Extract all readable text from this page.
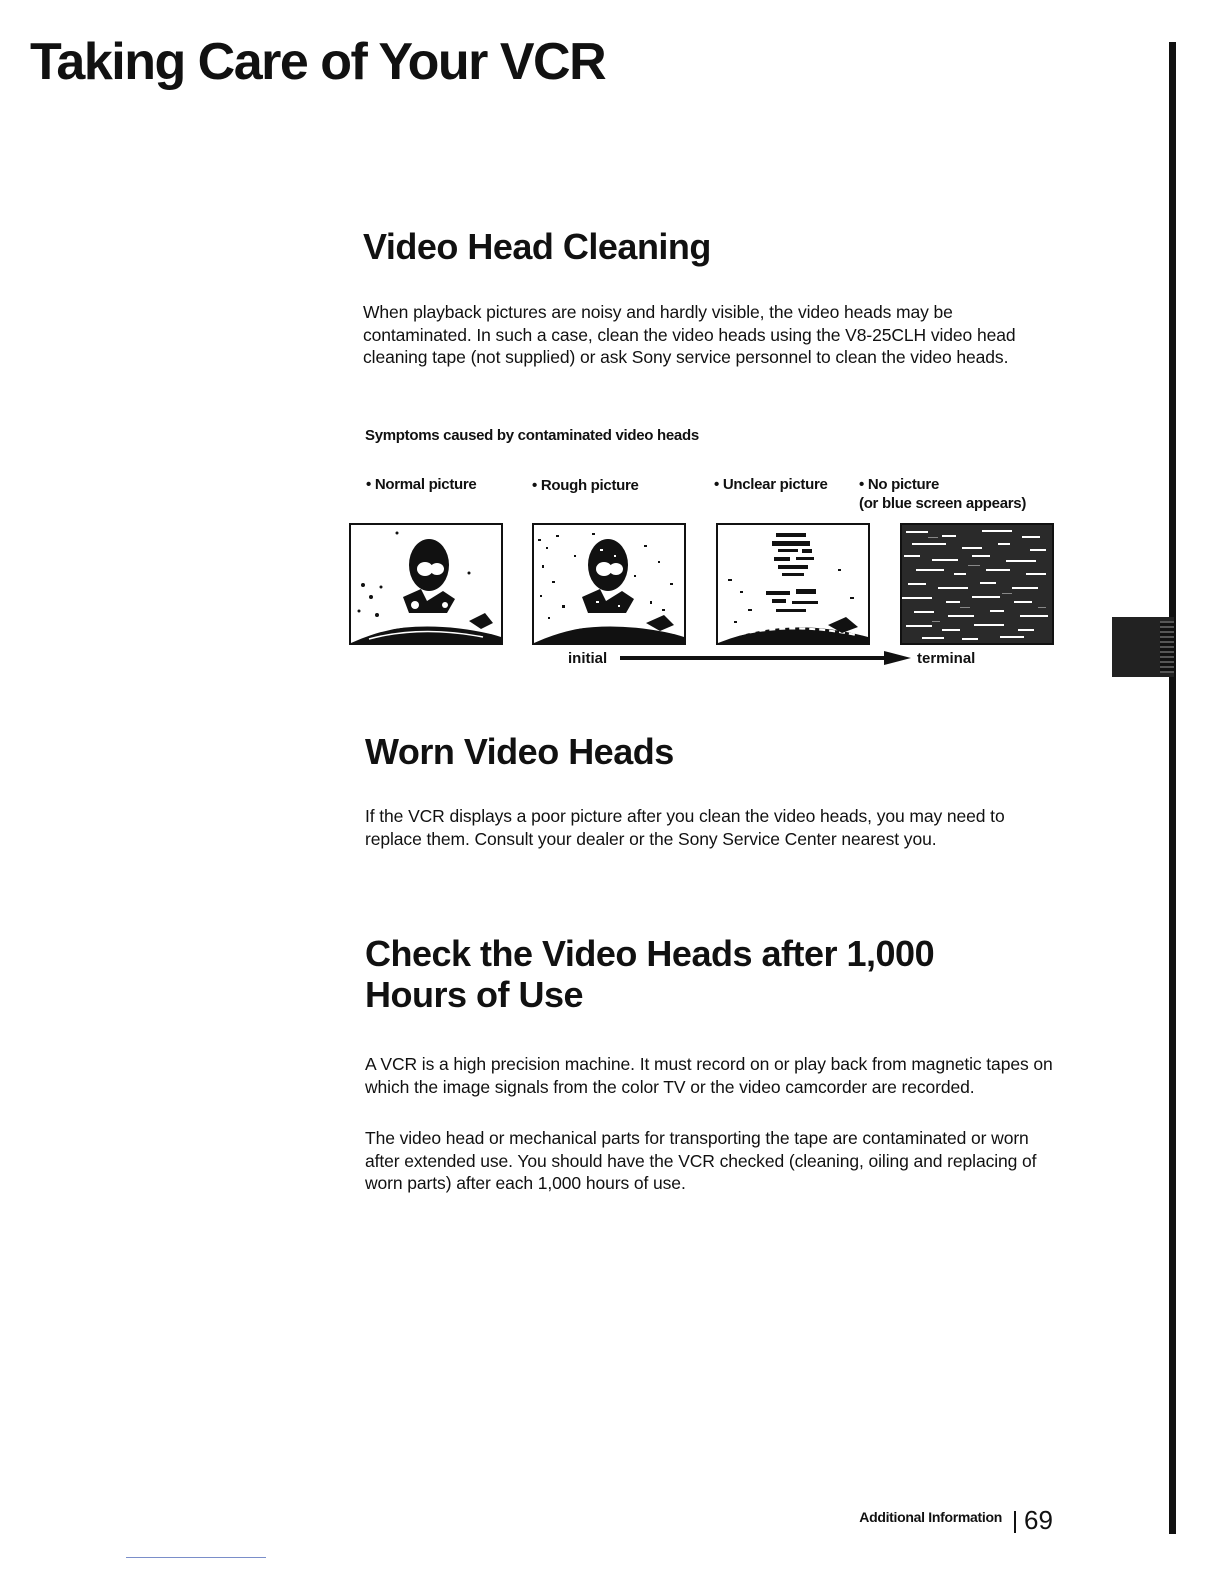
Taking Care of Your VCR
Video Head Cleaning

When playback pictures are noisy and hardly visible, the video heads may be contaminated. In such a case, clean the video heads using the V8-25CLH video head cleaning tape (not supplied) or ask Sony service personnel to clean the video heads.

Symptoms caused by contaminated video heads
• Normal picture	• Rough picture	• Unclear picture • No picture
(or blue screen appears)
initial	terminal
Worn Video Heads

If the VCR displays a poor picture after you clean the video heads, you may need to replace them. Consult your dealer or the Sony Service Center nearest you.

Check the Video Heads after 1,000
Hours of Use

A VCR is a high precision machine. It must record on or play back from magnetic tapes on which the image signals from the color TV or the video camcorder are recorded.

The video head or mechanical parts for transporting the tape are contaminated or worn after extended use. You should have the VCR checked (cleaning, oiling and replacing of worn parts) after each 1,000 hours of use.

Additional Information 69
